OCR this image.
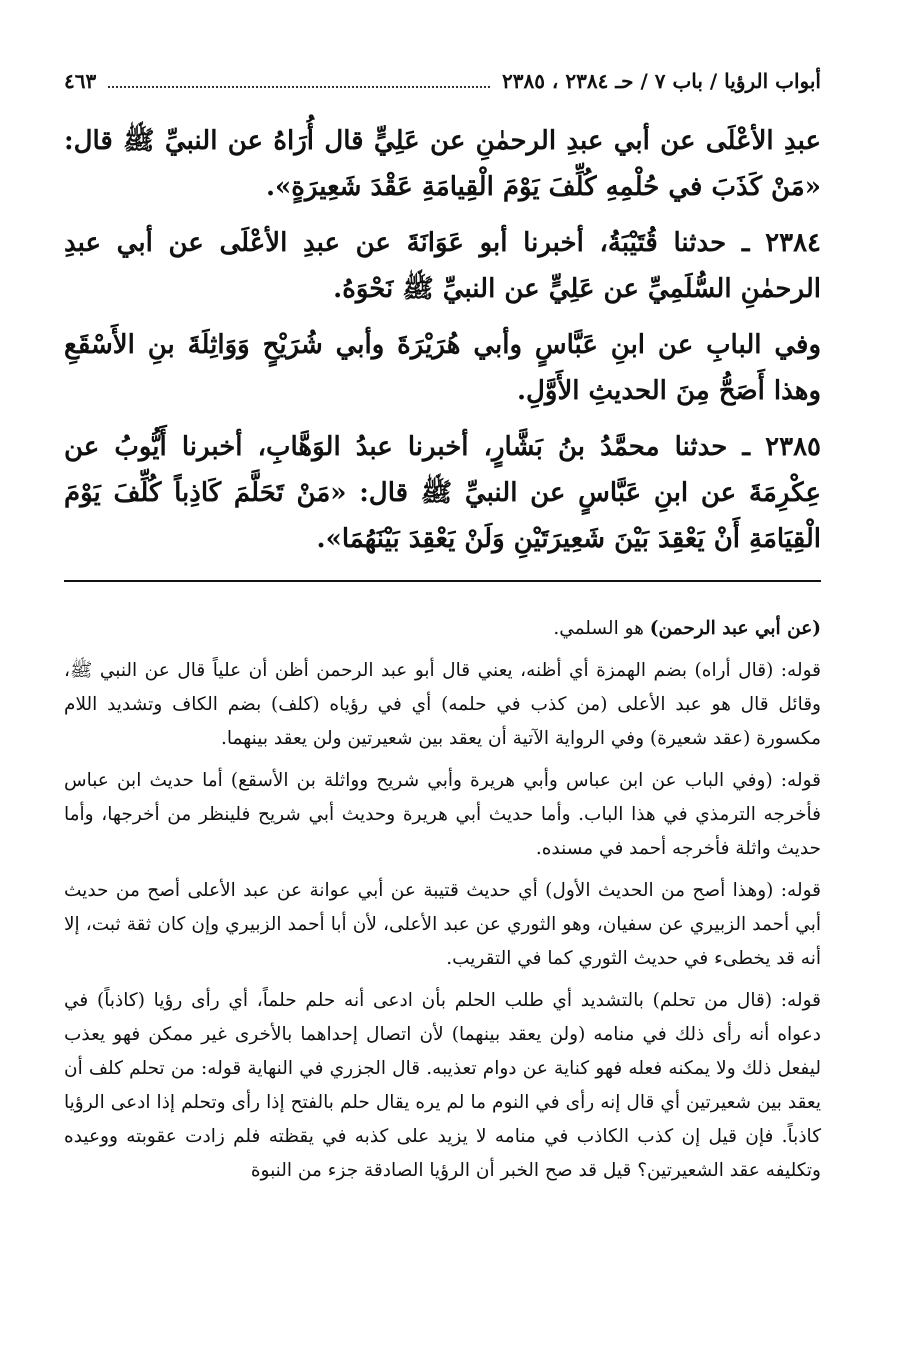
أبواب الرؤيا / باب ٧ / حـ ٢٣٨٤ ، ٢٣٨٥
٤٦٣

عبدِ الأعْلَى عن أبي عبدِ الرحمٰنِ عن عَلِيٍّ قال أُرَاهُ عن النبيِّ ﷺ قال: «مَنْ كَذَبَ في حُلْمِهِ كُلِّفَ يَوْمَ الْقِيامَةِ عَقْدَ شَعِيرَةٍ».

٢٣٨٤ ـ حدثنا قُتَيْبَةُ، أخبرنا أبو عَوَانَةَ عن عبدِ الأعْلَى عن أبي عبدِ الرحمٰنِ السُّلَمِيِّ عن عَلِيٍّ عن النبيِّ ﷺ نَحْوَهُ.

وفي البابِ عن ابنِ عَبَّاسٍ وأبي هُرَيْرَةَ وأبي شُرَيْحٍ وَوَاثِلَةَ بنِ الأَسْقَعِ وهذا أَصَحُّ مِنَ الحديثِ الأَوَّلِ.

٢٣٨٥ ـ حدثنا محمَّدُ بنُ بَشَّارٍ، أخبرنا عبدُ الوَهَّابِ، أخبرنا أَيُّوبُ عن عِكْرِمَةَ عن ابنِ عَبَّاسٍ عن النبيِّ ﷺ قال: «مَنْ تَحَلَّمَ كَاذِباً كُلِّفَ يَوْمَ الْقِيَامَةِ أَنْ يَعْقِدَ بَيْنَ شَعِيرَتَيْنِ وَلَنْ يَعْقِدَ بَيْنَهُمَا».

(عن أبي عبد الرحمن) هو السلمي.

قوله: (قال أراه) بضم الهمزة أي أظنه، يعني قال أبو عبد الرحمن أظن أن علياً قال عن النبي ﷺ، وقائل قال هو عبد الأعلى (من كذب في حلمه) أي في رؤياه (كلف) بضم الكاف وتشديد اللام مكسورة (عقد شعيرة) وفي الرواية الآتية أن يعقد بين شعيرتين ولن يعقد بينهما.

قوله: (وفي الباب عن ابن عباس وأبي هريرة وأبي شريح وواثلة بن الأسقع) أما حديث ابن عباس فأخرجه الترمذي في هذا الباب. وأما حديث أبي هريرة وحديث أبي شريح فلينظر من أخرجها، وأما حديث واثلة فأخرجه أحمد في مسنده.

قوله: (وهذا أصح من الحديث الأول) أي حديث قتيبة عن أبي عوانة عن عبد الأعلى أصح من حديث أبي أحمد الزبيري عن سفيان، وهو الثوري عن عبد الأعلى، لأن أبا أحمد الزبيري وإن كان ثقة ثبت، إلا أنه قد يخطىء في حديث الثوري كما في التقريب.

قوله: (قال من تحلم) بالتشديد أي طلب الحلم بأن ادعى أنه حلم حلماً، أي رأى رؤيا (كاذباً) في دعواه أنه رأى ذلك في منامه (ولن يعقد بينهما) لأن اتصال إحداهما بالأخرى غير ممكن فهو يعذب ليفعل ذلك ولا يمكنه فعله فهو كناية عن دوام تعذيبه. قال الجزري في النهاية قوله: من تحلم كلف أن يعقد بين شعيرتين أي قال إنه رأى في النوم ما لم يره يقال حلم بالفتح إذا رأى وتحلم إذا ادعى الرؤيا كاذباً. فإن قيل إن كذب الكاذب في منامه لا يزيد على كذبه في يقظته فلم زادت عقوبته ووعيده وتكليفه عقد الشعيرتين؟ قيل قد صح الخبر أن الرؤيا الصادقة جزء من النبوة
